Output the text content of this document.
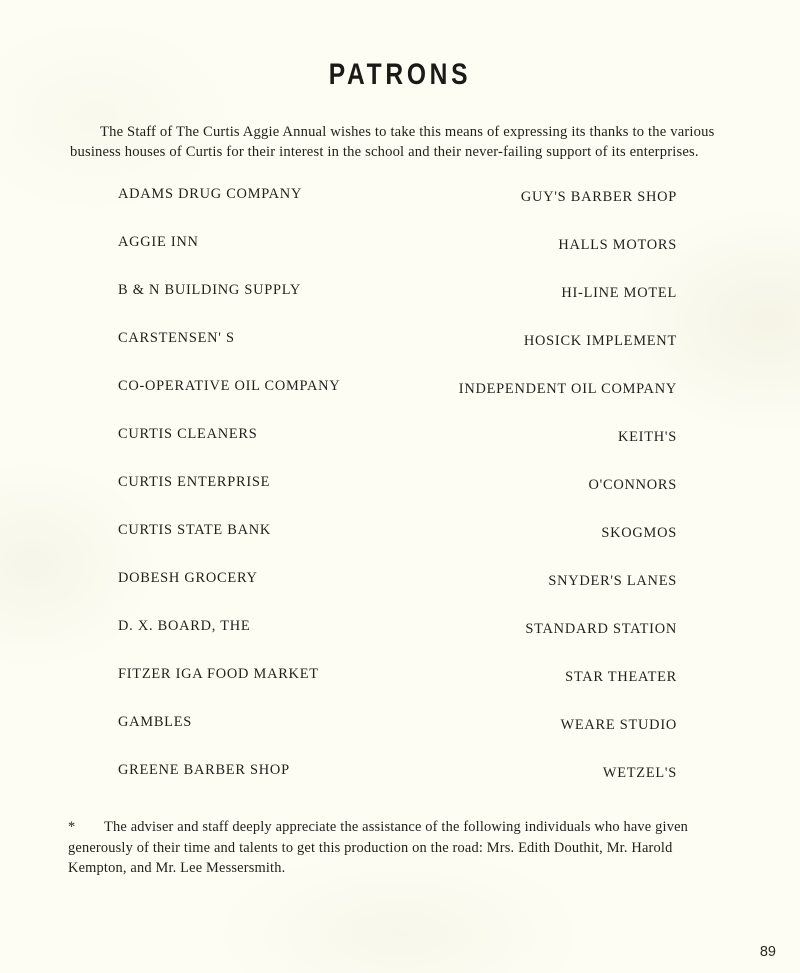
PATRONS

The Staff of The Curtis Aggie Annual wishes to take this means of expressing its thanks to the various business houses of Curtis for their interest in the school and their never-failing support of its enterprises.

ADAMS DRUG COMPANY	GUY'S BARBER SHOP
AGGIE INN	HALLS MOTORS
B & N BUILDING SUPPLY	HI-LINE MOTEL
CARSTENSEN' S	HOSICK IMPLEMENT
CO-OPERATIVE OIL COMPANY	INDEPENDENT OIL COMPANY
CURTIS CLEANERS	KEITH'S
CURTIS ENTERPRISE	O'CONNORS
CURTIS STATE BANK	SKOGMOS
DOBESH GROCERY	SNYDER'S LANES
D. X. BOARD, THE	STANDARD STATION
FITZER IGA FOOD MARKET	STAR THEATER
GAMBLES	WEARE STUDIO
GREENE BARBER SHOP	WETZEL'S
* The adviser and staff deeply appreciate the assistance of the following individuals who have given generously of their time and talents to get this production on the road: Mrs. Edith Douthit, Mr. Harold Kempton, and Mr. Lee Messersmith.
89
